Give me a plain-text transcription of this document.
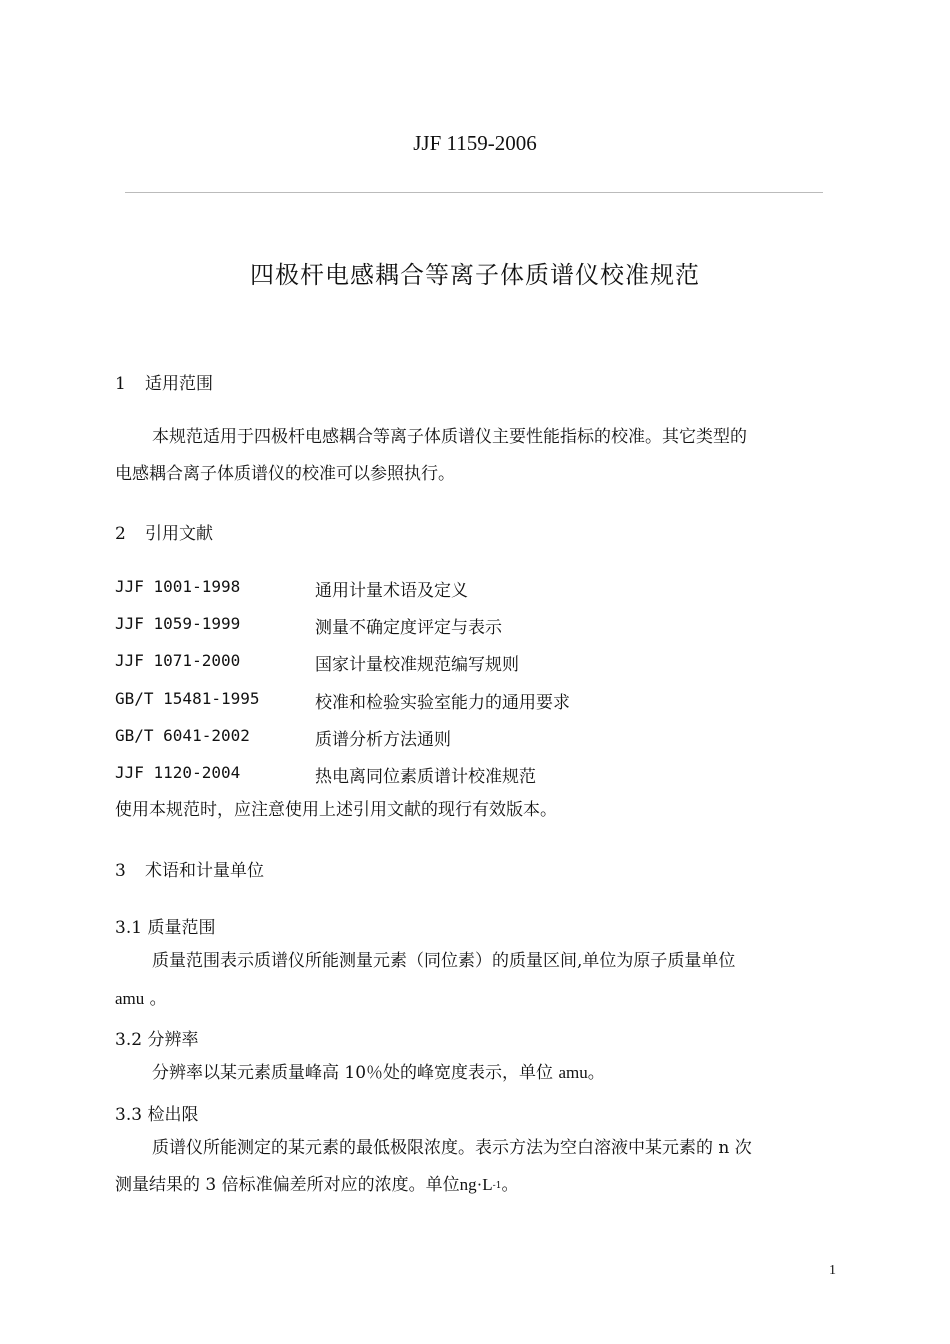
JJF 1159-2006
四极杆电感耦合等离子体质谱仪校准规范
1 适用范围
本规范适用于四极杆电感耦合等离子体质谱仪主要性能指标的校准。其它类型的
电感耦合离子体质谱仪的校准可以参照执行。
2 引用文献
JJF 1001-1998	通用计量术语及定义
JJF 1059-1999	测量不确定度评定与表示
JJF 1071-2000	国家计量校准规范编写规则
GB/T 15481-1995	校准和检验实验室能力的通用要求
GB/T 6041-2002	质谱分析方法通则
JJF 1120-2004	热电离同位素质谱计校准规范
使用本规范时，应注意使用上述引用文献的现行有效版本。
3 术语和计量单位
3.1 质量范围
质量范围表示质谱仪所能测量元素（同位素）的质量区间,单位为原子质量单位
amu 。
3.2 分辨率
分辨率以某元素质量峰高 10％处的峰宽度表示，单位 amu。
3.3 检出限
质谱仪所能测定的某元素的最低极限浓度。表示方法为空白溶液中某元素的 n 次
测量结果的 3 倍标准偏差所对应的浓度。单位$ng\cdot L^{-1}$。
1
